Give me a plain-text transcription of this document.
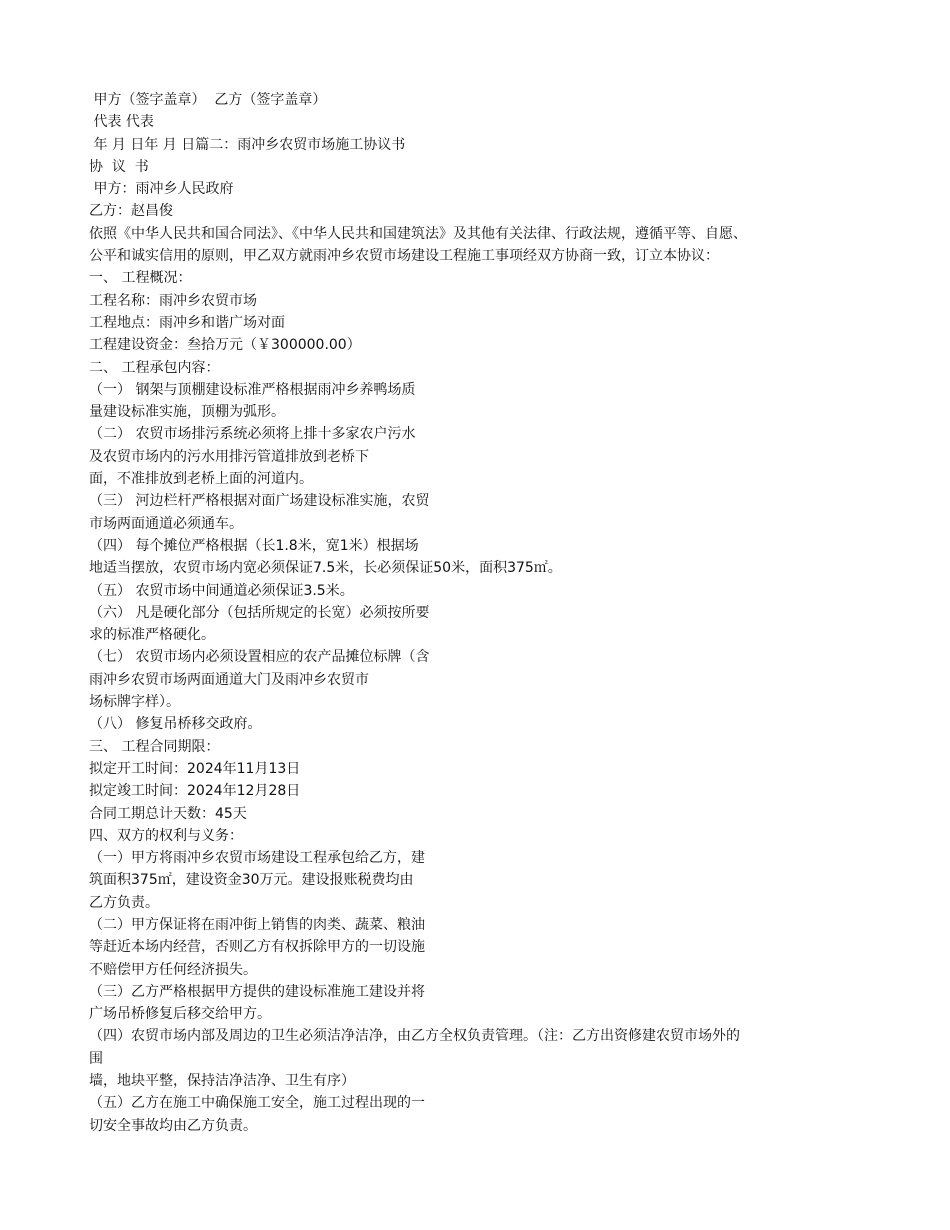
甲方（签字盖章）  乙方（签字盖章）

代表 代表

年 月 日年 月 日篇二：雨冲乡农贸市场施工协议书

协  议  书

甲方：雨冲乡人民政府

乙方：赵昌俊

依照《中华人民共和国合同法》、《中华人民共和国建筑法》及其他有关法律、行政法规，遵循平等、自愿、

公平和诚实信用的原则，甲乙双方就雨冲乡农贸市场建设工程施工事项经双方协商一致，订立本协议：

一、 工程概况：

工程名称：雨冲乡农贸市场

工程地点：雨冲乡和谐广场对面

工程建设资金：叁拾万元（￥300000.00）

二、 工程承包内容：

（一） 钢架与顶棚建设标准严格根据雨冲乡养鸭场质

量建设标准实施，顶棚为弧形。

（二） 农贸市场排污系统必须将上排十多家农户污水

及农贸市场内的污水用排污管道排放到老桥下

面，不准排放到老桥上面的河道内。

（三） 河边栏杆严格根据对面广场建设标准实施，农贸

市场两面通道必须通车。

（四） 每个摊位严格根据（长1.8米，宽1米）根据场

地适当摆放，农贸市场内宽必须保证7.5米，长必须保证50米，面积375㎡。

（五） 农贸市场中间通道必须保证3.5米。

（六） 凡是硬化部分（包括所规定的长宽）必须按所要

求的标准严格硬化。

（七） 农贸市场内必须设置相应的农产品摊位标牌（含

雨冲乡农贸市场两面通道大门及雨冲乡农贸市

场标牌字样）。

（八） 修复吊桥移交政府。

三、 工程合同期限：

拟定开工时间：2024年11月13日

拟定竣工时间：2024年12月28日

合同工期总计天数：45天

四、双方的权利与义务：

（一）甲方将雨冲乡农贸市场建设工程承包给乙方，建

筑面积375㎡，建设资金30万元。建设报账税费均由

乙方负责。

（二）甲方保证将在雨冲街上销售的肉类、蔬菜、粮油

等赶近本场内经营，否则乙方有权拆除甲方的一切设施

不赔偿甲方任何经济损失。

（三）乙方严格根据甲方提供的建设标准施工建设并将

广场吊桥修复后移交给甲方。

（四）农贸市场内部及周边的卫生必须洁净洁净，由乙方全权负责管理。（注：乙方出资修建农贸市场外的

围

墙，地块平整，保持洁净洁净、卫生有序）

（五）乙方在施工中确保施工安全，施工过程出现的一

切安全事故均由乙方负责。
